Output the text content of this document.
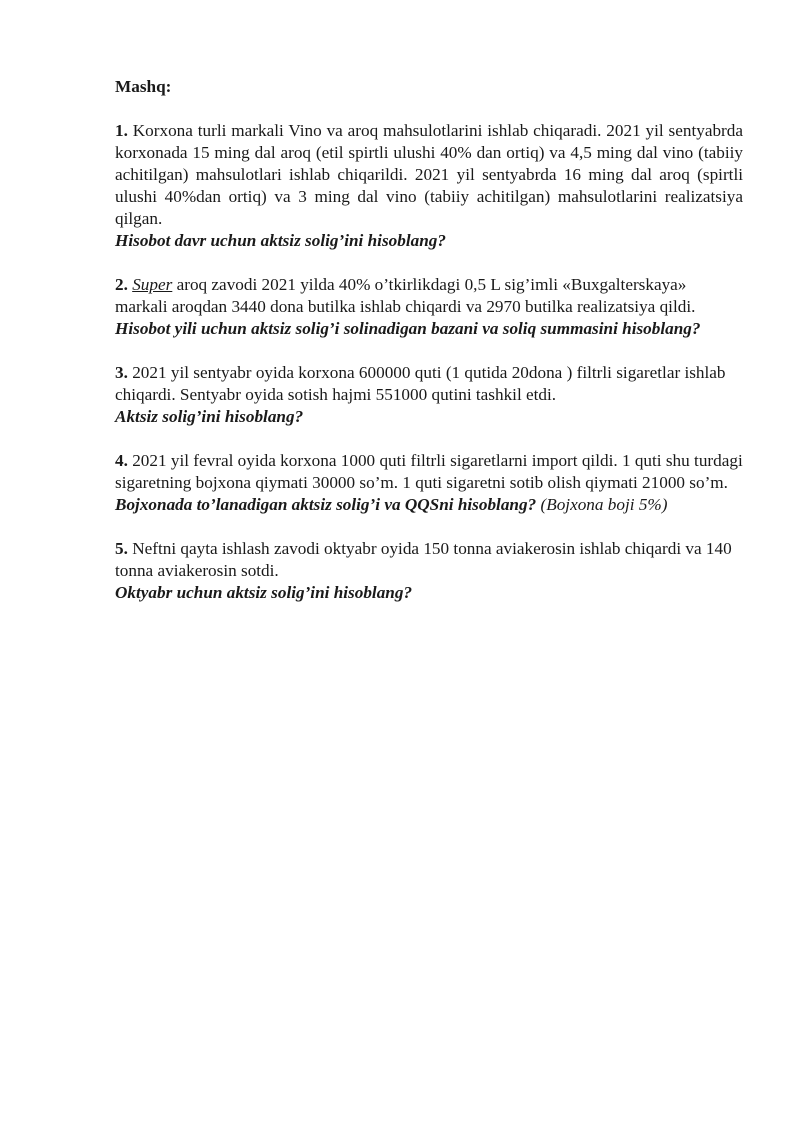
Mashq:

1. Korxona turli markali Vino va aroq mahsulotlarini ishlab chiqaradi. 2021 yil sentyabrda korxonada 15 ming dal aroq (etil spirtli ulushi 40% dan ortiq) va 4,5 ming dal vino (tabiiy achitilgan) mahsulotlari ishlab chiqarildi. 2021 yil sentyabrda 16 ming dal aroq (spirtli ulushi 40%dan ortiq) va 3 ming dal vino (tabiiy achitilgan) mahsulotlarini realizatsiya qilgan.

Hisobot davr uchun aktsiz solig’ini hisoblang?

2. Super aroq zavodi 2021 yilda 40% o’tkirlikdagi 0,5 L sig’imli «Buxgalterskaya» markali aroqdan 3440 dona butilka ishlab chiqardi va 2970 butilka realizatsiya qildi.

Hisobot yili uchun aktsiz solig’i solinadigan bazani va soliq summasini hisoblang?

3. 2021 yil sentyabr oyida korxona 600000 quti (1 qutida 20dona ) filtrli sigaretlar ishlab chiqardi. Sentyabr oyida sotish hajmi 551000 qutini tashkil etdi.

Aktsiz solig’ini hisoblang?

4. 2021 yil fevral oyida korxona 1000 quti filtrli sigaretlarni import qildi. 1 quti shu turdagi sigaretning bojxona qiymati 30000 so’m. 1 quti sigaretni sotib olish qiymati 21000 so’m.

Bojxonada to’lanadigan aktsiz solig’i va QQSni hisoblang? (Bojxona boji 5%)

5. Neftni qayta ishlash zavodi oktyabr oyida 150 tonna aviakerosin ishlab chiqardi va 140 tonna aviakerosin sotdi.

Oktyabr uchun aktsiz solig’ini hisoblang?
